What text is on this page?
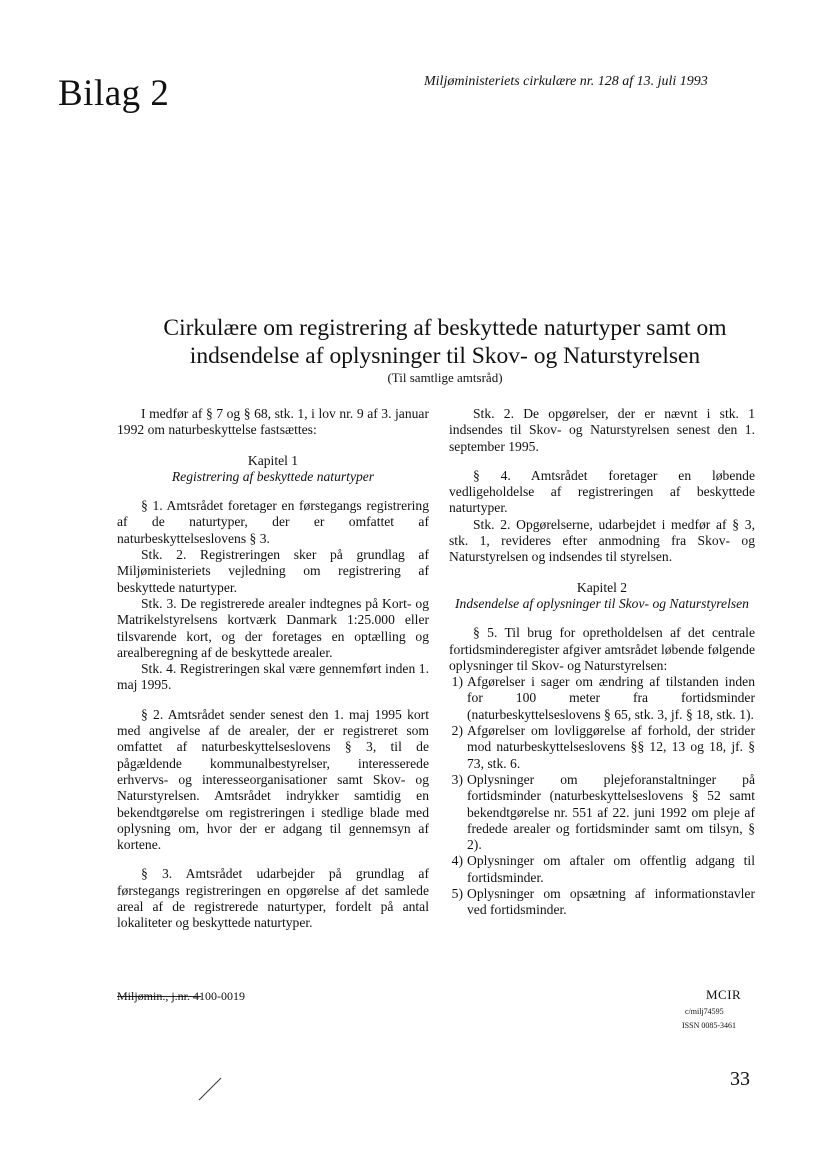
Bilag 2	Miljøministeriets cirkulære nr. 128 af 13. juli 1993
Cirkulære om registrering af beskyttede naturtyper samt om
indsendelse af oplysninger til Skov- og Naturstyrelsen
(Til samtlige amtsråd)

I medfør af § 7 og § 68, stk. 1, i lov nr. 9 af 3. januar 1992 om naturbeskyttelse fastsættes:

Kapitel 1

Registrering af beskyttede naturtyper

§ 1. Amtsrådet foretager en førstegangs registrering af de naturtyper, der er omfattet af naturbeskyttelseslovens § 3.

Stk. 2. Registreringen sker på grundlag af Miljøministeriets vejledning om registrering af beskyttede naturtyper.

Stk. 3. De registrerede arealer indtegnes på Kort- og Matrikelstyrelsens kortværk Danmark 1:25.000 eller tilsvarende kort, og der foretages en optælling og arealberegning af de beskyttede arealer.

Stk. 4. Registreringen skal være gennemført inden 1. maj 1995.

§ 2. Amtsrådet sender senest den 1. maj 1995 kort med angivelse af de arealer, der er registreret som omfattet af naturbeskyttelseslovens § 3, til de pågældende kommunalbestyrelser, interesserede erhvervs- og interesseorganisationer samt Skov- og Naturstyrelsen. Amtsrådet indrykker samtidig en bekendtgørelse om registreringen i stedlige blade med oplysning om, hvor der er adgang til gennemsyn af kortene.

§ 3. Amtsrådet udarbejder på grundlag af førstegangs registreringen en opgørelse af det samlede areal af de registrerede naturtyper, fordelt på antal lokaliteter og beskyttede naturtyper.

Stk. 2. De opgørelser, der er nævnt i stk. 1 indsendes til Skov- og Naturstyrelsen senest den 1. september 1995.

§ 4. Amtsrådet foretager en løbende vedligeholdelse af registreringen af beskyttede naturtyper.

Stk. 2. Opgørelserne, udarbejdet i medfør af § 3, stk. 1, revideres efter anmodning fra Skov- og Naturstyrelsen og indsendes til styrelsen.

Kapitel 2

Indsendelse af oplysninger til Skov- og Naturstyrelsen

§ 5. Til brug for opretholdelsen af det centrale fortidsminderegister afgiver amtsrådet løbende følgende oplysninger til Skov- og Naturstyrelsen:

1) Afgørelser i sager om ændring af tilstanden inden for 100 meter fra fortidsminder (naturbeskyttelseslovens § 65, stk. 3, jf. § 18, stk. 1).
2) Afgørelser om lovliggørelse af forhold, der strider mod naturbeskyttelseslovens §§ 12, 13 og 18, jf. § 73, stk. 6.
3) Oplysninger om plejeforanstaltninger på fortidsminder (naturbeskyttelseslovens § 52 samt bekendtgørelse nr. 551 af 22. juni 1992 om pleje af fredede arealer og fortidsminder samt om tilsyn, § 2).
4) Oplysninger om aftaler om offentlig adgang til fortidsminder.
5) Oplysninger om opsætning af informationstavler ved fortidsminder.
Miljømin., j.nr. 4100-0019	MCIR
c/milj74595
ISSN 0085-3461
33
